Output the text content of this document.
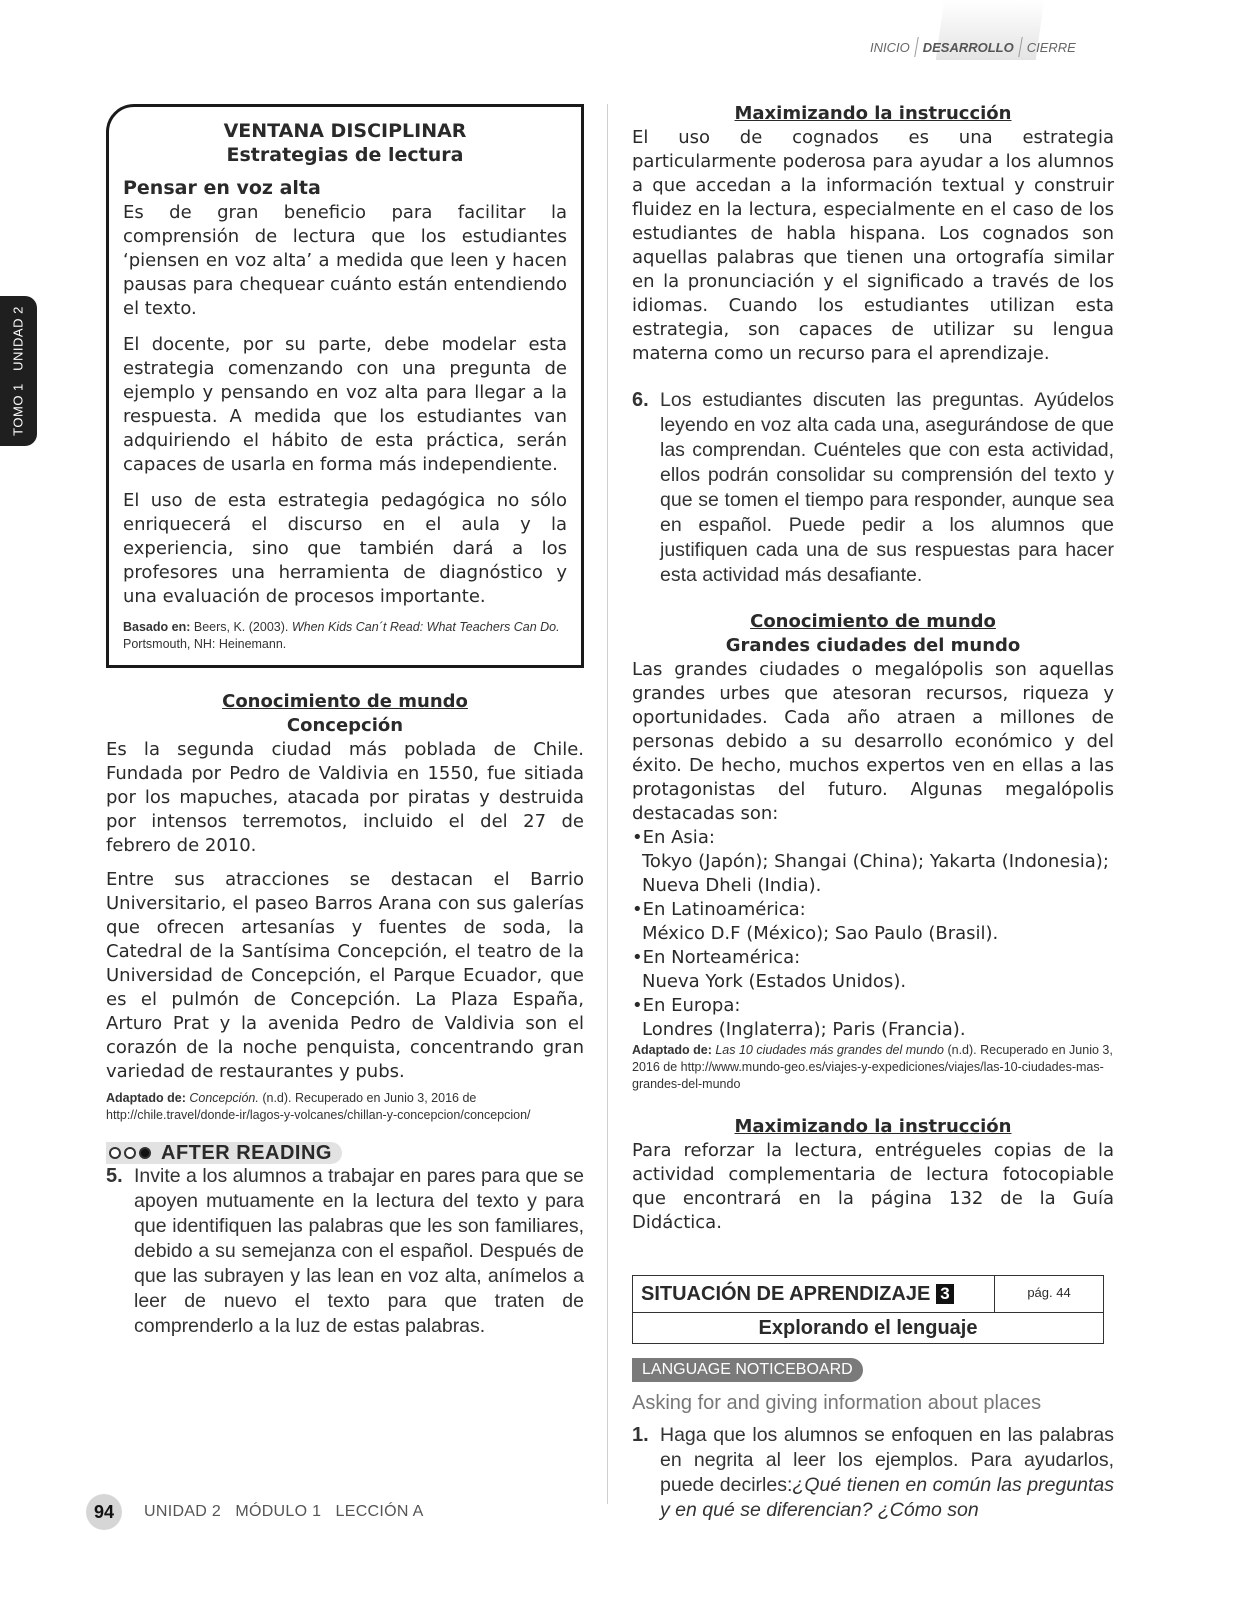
INICIO DESARROLLO CIERRE
TOMO 1   UNIDAD 2
VENTANA DISCIPLINAR
Estrategias de lectura
Pensar en voz alta

Es de gran beneficio para facilitar la comprensión de lectura que los estudiantes ‘piensen en voz alta’ a medida que leen y hacen pausas para chequear cuánto están entendiendo el texto.

El docente, por su parte, debe modelar esta estrategia comenzando con una pregunta de ejemplo y pensando en voz alta para llegar a la respuesta. A medida que los estudiantes van adquiriendo el hábito de esta práctica, serán capaces de usarla en forma más independiente.

El uso de esta estrategia pedagógica no sólo enriquecerá el discurso en el aula y la experiencia, sino que también dará a los profesores una herramienta de diagnóstico y una evaluación de procesos importante.

Basado en: Beers, K. (2003). When Kids Can´t Read: What Teachers Can Do. Portsmouth, NH: Heinemann.

Conocimiento de mundo
Concepción

Es la segunda ciudad más poblada de Chile. Fundada por Pedro de Valdivia en 1550, fue sitiada por los mapuches, atacada por piratas y destruida por intensos terremotos, incluido el del 27 de febrero de 2010.

Entre sus atracciones se destacan el Barrio Universitario, el paseo Barros Arana con sus galerías que ofrecen artesanías y fuentes de soda, la Catedral de la Santísima Concepción, el teatro de la Universidad de Concepción, el Parque Ecuador, que es el pulmón de Concepción. La Plaza España, Arturo Prat y la avenida Pedro de Valdivia son el corazón de la noche penquista, concentrando gran variedad de restaurantes y pubs.

Adaptado de: Concepción. (n.d). Recuperado en Junio 3, 2016 de http://chile.travel/donde-ir/lagos-y-volcanes/chillan-y-concepcion/concepcion/

AFTER READING
5. Invite a los alumnos a trabajar en pares para que se apoyen mutuamente en la lectura del texto y para que identifiquen las palabras que les son familiares, debido a su semejanza con el español. Después de que las subrayen y las lean en voz alta, anímelos a leer de nuevo el texto para que traten de comprenderlo a la luz de estas palabras.
Maximizando la instrucción

El uso de cognados es una estrategia particularmente poderosa para ayudar a los alumnos a que accedan a la información textual y construir fluidez en la lectura, especialmente en el caso de los estudiantes de habla hispana. Los cognados son aquellas palabras que tienen una ortografía similar en la pronunciación y el significado a través de los idiomas. Cuando los estudiantes utilizan esta estrategia, son capaces de utilizar su lengua materna como un recurso para el aprendizaje.

6. Los estudiantes discuten las preguntas. Ayúdelos leyendo en voz alta cada una, asegurándose de que las comprendan. Cuénteles que con esta actividad, ellos podrán consolidar su comprensión del texto y que se tomen el tiempo para responder, aunque sea en español. Puede pedir a los alumnos que justifiquen cada una de sus respuestas para hacer esta actividad más desafiante.
Conocimiento de mundo
Grandes ciudades del mundo

Las grandes ciudades o megalópolis son aquellas grandes urbes que atesoran recursos, riqueza y oportunidades. Cada año atraen a millones de personas debido a su desarrollo económico y del éxito. De hecho, muchos expertos ven en ellas a las protagonistas del futuro. Algunas megalópolis destacadas son:

•En Asia:
Tokyo (Japón); Shangai (China); Yakarta (Indonesia); Nueva Dheli (India).
•En Latinoamérica:
México D.F (México); Sao Paulo (Brasil).
•En Norteamérica:
Nueva York (Estados Unidos).
•En Europa:
Londres (Inglaterra); Paris (Francia).

Adaptado de: Las 10 ciudades más grandes del mundo (n.d). Recuperado en Junio 3, 2016 de http://www.mundo-geo.es/viajes-y-expediciones/viajes/las-10-ciudades-mas-grandes-del-mundo

Maximizando la instrucción

Para reforzar la lectura, entrégueles copias de la actividad complementaria de lectura fotocopiable que encontrará en la página 132 de la Guía Didáctica.

SITUACIÓN DE APRENDIZAJE 3	pág. 44
Explorando el lenguaje
LANGUAGE NOTICEBOARD
Asking for and giving information about places
1. Haga que los alumnos se enfoquen en las palabras en negrita al leer los ejemplos. Para ayudarlos, puede decirles:¿Qué tienen en común las preguntas y en qué se diferencian? ¿Cómo son
94	UNIDAD 2   MÓDULO 1   LECCIÓN A
